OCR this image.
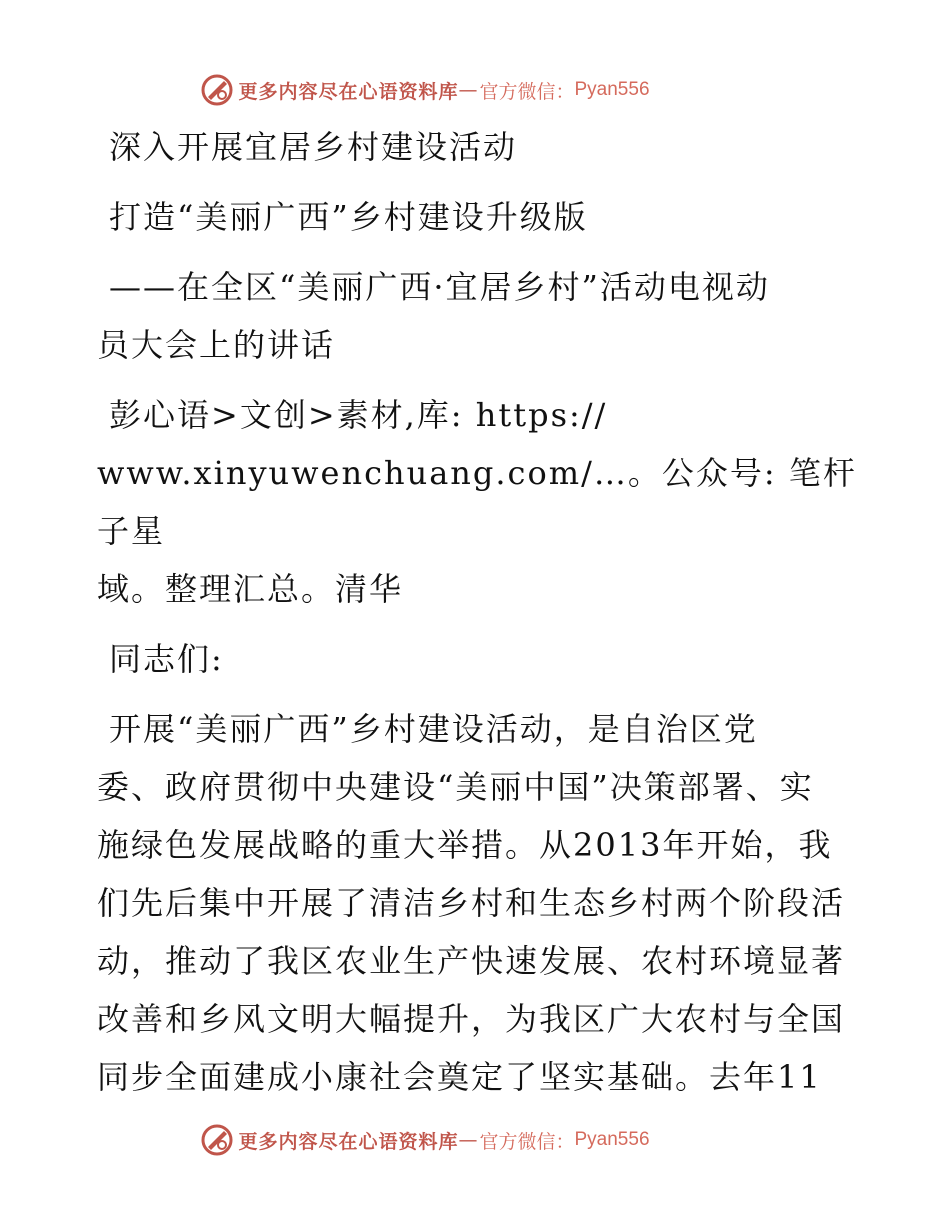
更多内容尽在心语资料库 — 官方微信： Pyan556

深入开展宜居乡村建设活动

打造“美丽广西”乡村建设升级版

——在全区“美丽广西·宜居乡村”活动电视动

员大会上的讲话

彭心语>文创>素材,库: https://

www.xinyuwenchuang.com/…。公众号: 笔杆子星

域。整理汇总。清华

同志们:

开展“美丽广西”乡村建设活动，是自治区党

委、政府贯彻中央建设“美丽中国”决策部署、实

施绿色发展战略的重大举措。从2013年开始，我

们先后集中开展了清洁乡村和生态乡村两个阶段活

动，推动了我区农业生产快速发展、农村环境显著

改善和乡风文明大幅提升，为我区广大农村与全国

同步全面建成小康社会奠定了坚实基础。去年11

更多内容尽在心语资料库 — 官方微信： Pyan556
